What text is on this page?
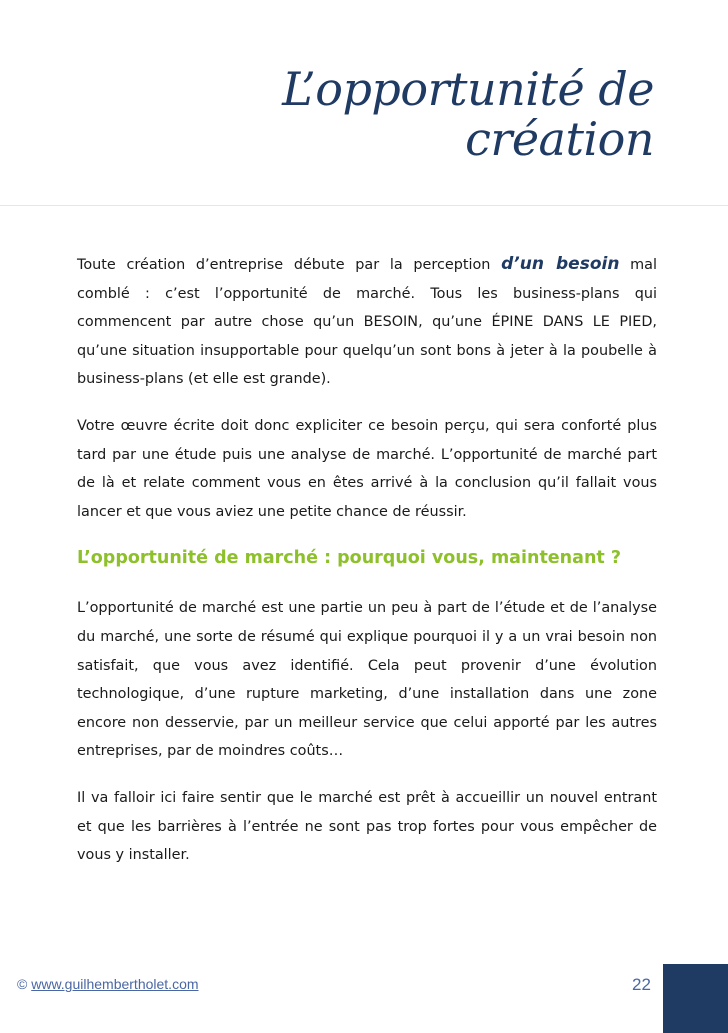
L’opportunité de
création

Toute création d’entreprise débute par la perception d’un besoin mal comblé : c’est l’opportunité de marché. Tous les business-plans qui commencent par autre chose qu’un BESOIN, qu’une ÉPINE DANS LE PIED, qu’une situation insupportable pour quelqu’un sont bons à jeter à la poubelle à business-plans (et elle est grande).

Votre œuvre écrite doit donc expliciter ce besoin perçu, qui sera conforté plus tard par une étude puis une analyse de marché. L’opportunité de marché part de là et relate comment vous en êtes arrivé à la conclusion qu’il fallait vous lancer et que vous aviez une petite chance de réussir.

L’opportunité de marché : pourquoi vous, maintenant ?

L’opportunité de marché est une partie un peu à part de l’étude et de l’analyse du marché, une sorte de résumé qui explique pourquoi il y a un vrai besoin non satisfait, que vous avez identifié. Cela peut provenir d’une évolution technologique, d’une rupture marketing, d’une installation dans une zone encore non desservie, par un meilleur service que celui apporté par les autres entreprises, par de moindres coûts…

Il va falloir ici faire sentir que le marché est prêt à accueillir un nouvel entrant et que les barrières à l’entrée ne sont pas trop fortes pour vous empêcher de vous y installer.

© www.guilhembertholet.com	22
